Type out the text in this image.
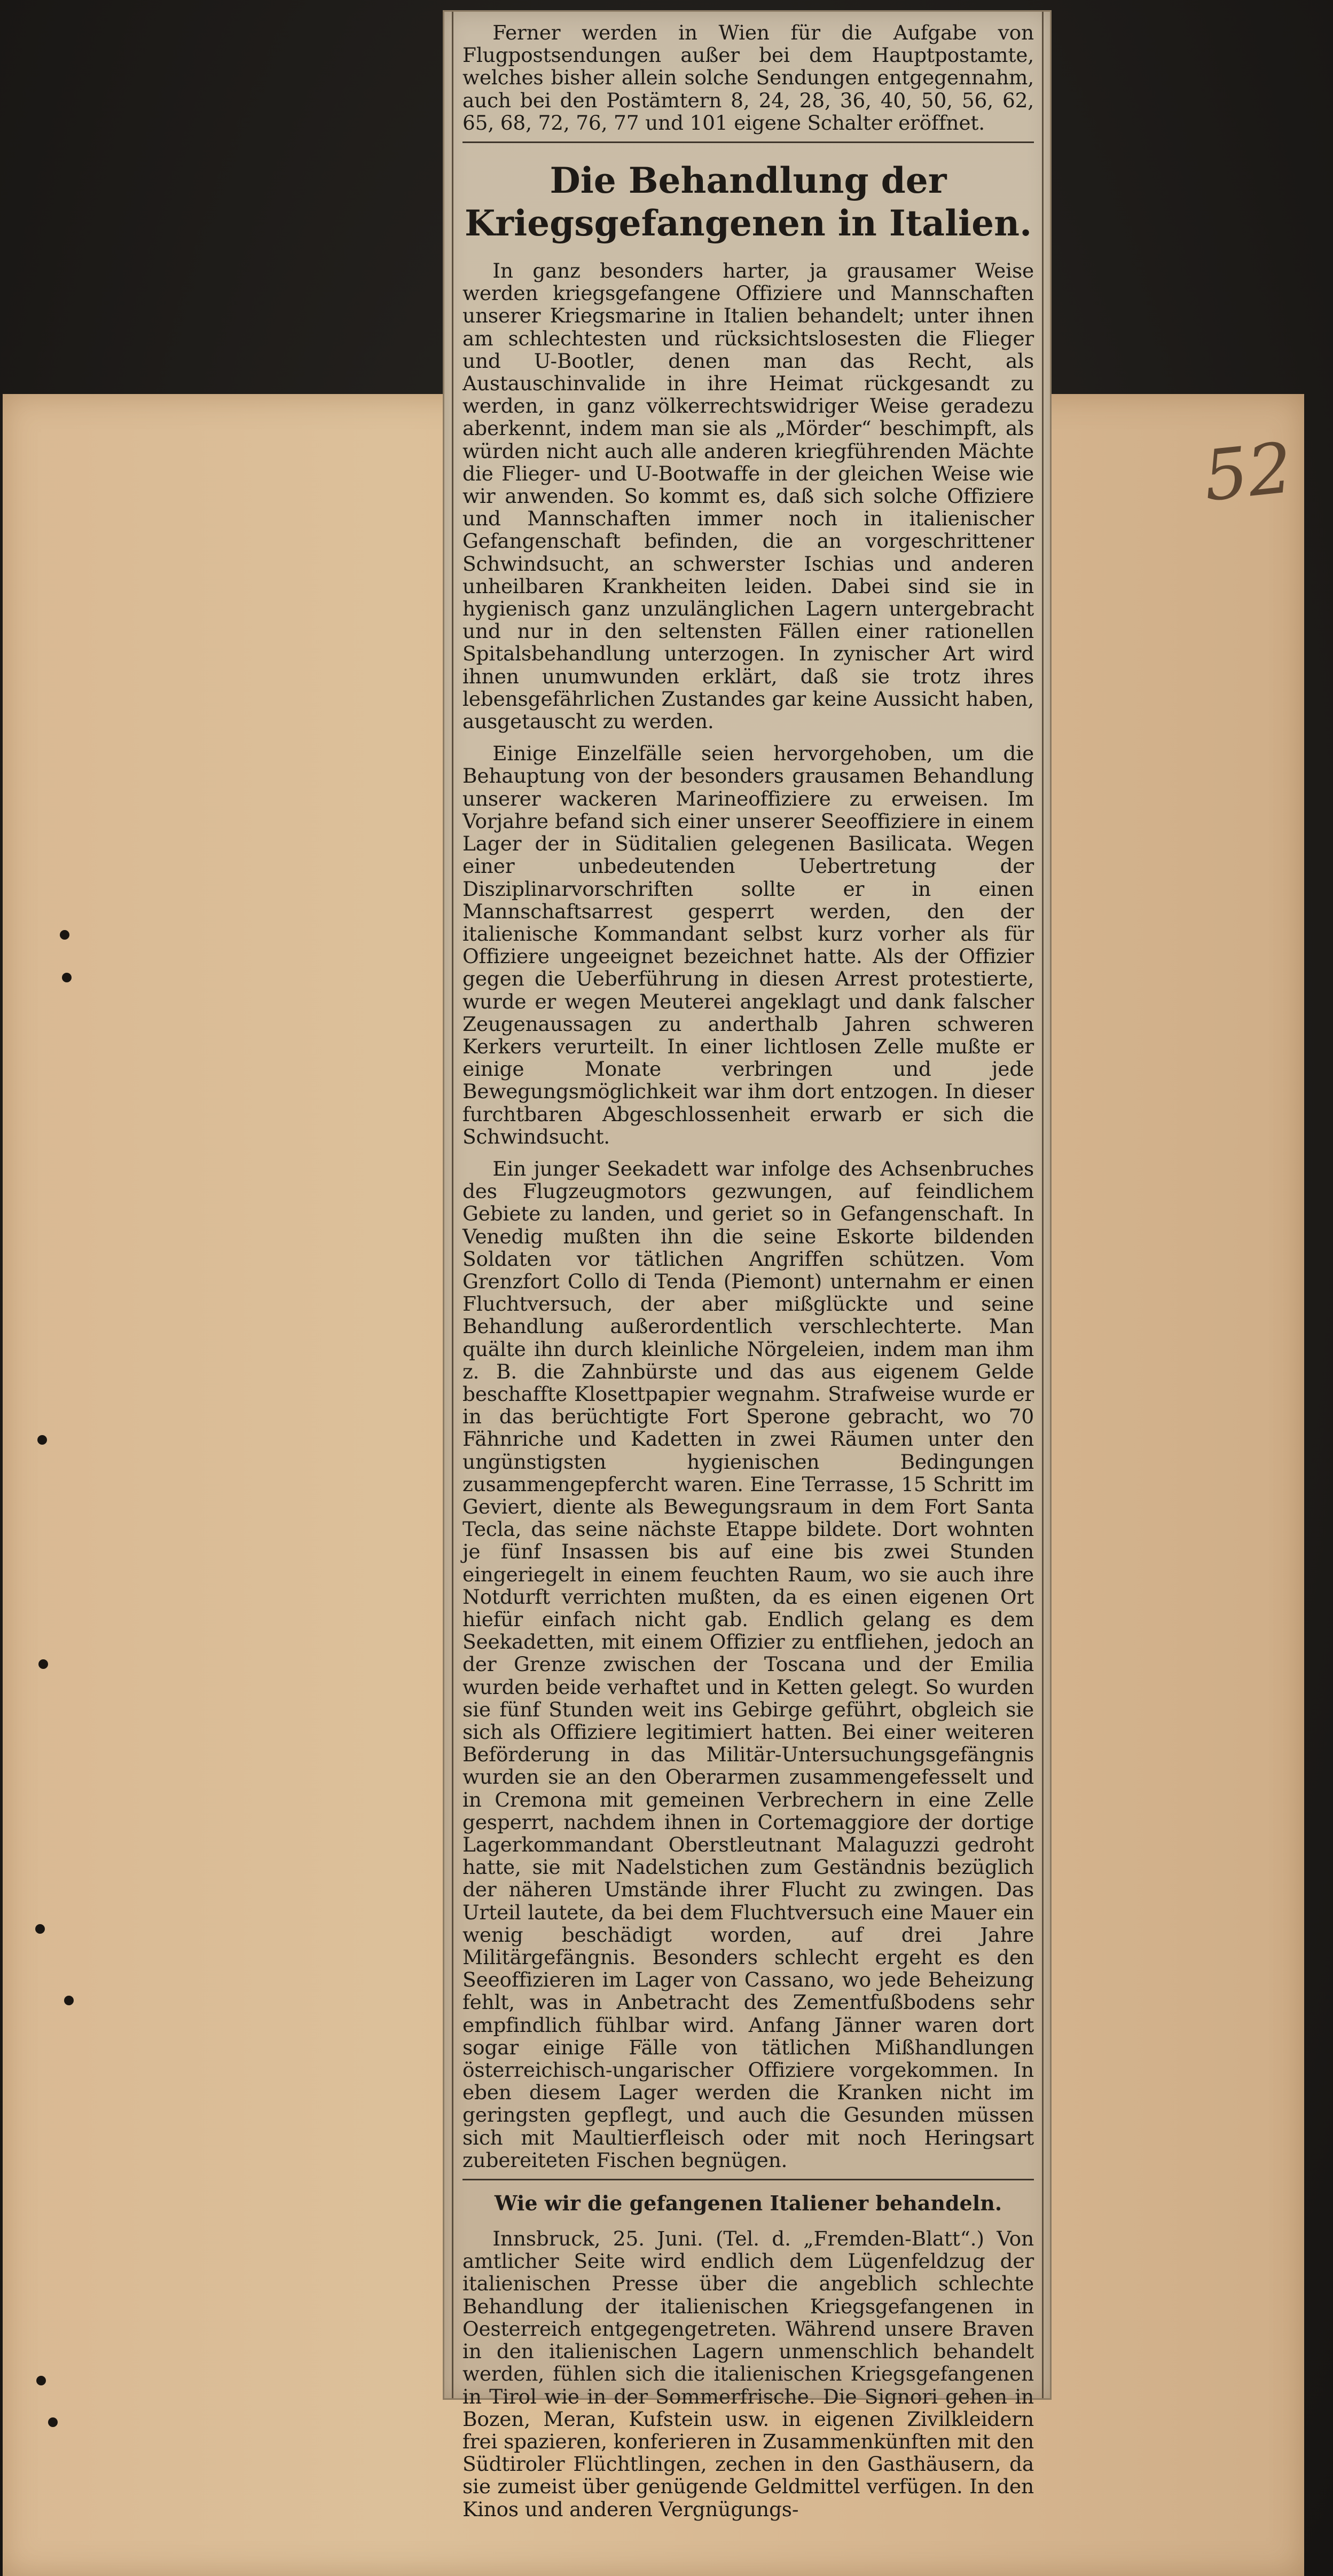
52

Ferner werden in Wien für die Aufgabe von Flugpostsendungen außer bei dem Hauptpostamte, welches bisher allein solche Sendungen entgegennahm, auch bei den Postämtern 8, 24, 28, 36, 40, 50, 56, 62, 65, 68, 72, 76, 77 und 101 eigene Schalter eröffnet.

Die Behandlung der Kriegsgefangenen in Italien.

In ganz besonders harter, ja grausamer Weise werden kriegsgefangene Offiziere und Mannschaften unserer Kriegsmarine in Italien behandelt; unter ihnen am schlechtesten und rücksichtslosesten die Flieger und U-Bootler, denen man das Recht, als Austauschinvalide in ihre Heimat rückgesandt zu werden, in ganz völkerrechtswidriger Weise geradezu aberkennt, indem man sie als „Mörder“ beschimpft, als würden nicht auch alle anderen kriegführenden Mächte die Flieger- und U-Bootwaffe in der gleichen Weise wie wir anwenden. So kommt es, daß sich solche Offiziere und Mannschaften immer noch in italienischer Gefangenschaft befinden, die an vorgeschrittener Schwindsucht, an schwerster Ischias und anderen unheilbaren Krankheiten leiden. Dabei sind sie in hygienisch ganz unzulänglichen Lagern untergebracht und nur in den seltensten Fällen einer rationellen Spitalsbehandlung unterzogen. In zynischer Art wird ihnen unumwunden erklärt, daß sie trotz ihres lebensgefährlichen Zustandes gar keine Aussicht haben, ausgetauscht zu werden.

Einige Einzelfälle seien hervorgehoben, um die Behauptung von der besonders grausamen Behandlung unserer wackeren Marineoffiziere zu erweisen. Im Vorjahre befand sich einer unserer Seeoffiziere in einem Lager der in Süditalien gelegenen Basilicata. Wegen einer unbedeutenden Uebertretung der Disziplinarvorschriften sollte er in einen Mannschaftsarrest gesperrt werden, den der italienische Kommandant selbst kurz vorher als für Offiziere ungeeignet bezeichnet hatte. Als der Offizier gegen die Ueberführung in diesen Arrest protestierte, wurde er wegen Meuterei angeklagt und dank falscher Zeugenaussagen zu anderthalb Jahren schweren Kerkers verurteilt. In einer lichtlosen Zelle mußte er einige Monate verbringen und jede Bewegungsmöglichkeit war ihm dort entzogen. In dieser furchtbaren Abgeschlossenheit erwarb er sich die Schwindsucht.

Ein junger Seekadett war infolge des Achsenbruches des Flugzeugmotors gezwungen, auf feindlichem Gebiete zu landen, und geriet so in Gefangenschaft. In Venedig mußten ihn die seine Eskorte bildenden Soldaten vor tätlichen Angriffen schützen. Vom Grenzfort Collo di Tenda (Piemont) unternahm er einen Fluchtversuch, der aber mißglückte und seine Behandlung außerordentlich verschlechterte. Man quälte ihn durch kleinliche Nörgeleien, indem man ihm z. B. die Zahnbürste und das aus eigenem Gelde beschaffte Klosettpapier wegnahm. Strafweise wurde er in das berüchtigte Fort Sperone gebracht, wo 70 Fähnriche und Kadetten in zwei Räumen unter den ungünstigsten hygienischen Bedingungen zusammengepfercht waren. Eine Terrasse, 15 Schritt im Geviert, diente als Bewegungsraum in dem Fort Santa Tecla, das seine nächste Etappe bildete. Dort wohnten je fünf Insassen bis auf eine bis zwei Stunden eingeriegelt in einem feuchten Raum, wo sie auch ihre Notdurft verrichten mußten, da es einen eigenen Ort hiefür einfach nicht gab. Endlich gelang es dem Seekadetten, mit einem Offizier zu entfliehen, jedoch an der Grenze zwischen der Toscana und der Emilia wurden beide verhaftet und in Ketten gelegt. So wurden sie fünf Stunden weit ins Gebirge geführt, obgleich sie sich als Offiziere legitimiert hatten. Bei einer weiteren Beförderung in das Militär-Untersuchungsgefängnis wurden sie an den Oberarmen zusammengefesselt und in Cremona mit gemeinen Verbrechern in eine Zelle gesperrt, nachdem ihnen in Cortemaggiore der dortige Lagerkommandant Oberstleutnant Malaguzzi gedroht hatte, sie mit Nadelstichen zum Geständnis bezüglich der näheren Umstände ihrer Flucht zu zwingen. Das Urteil lautete, da bei dem Fluchtversuch eine Mauer ein wenig beschädigt worden, auf drei Jahre Militärgefängnis. Besonders schlecht ergeht es den Seeoffizieren im Lager von Cassano, wo jede Beheizung fehlt, was in Anbetracht des Zementfußbodens sehr empfindlich fühlbar wird. Anfang Jänner waren dort sogar einige Fälle von tätlichen Mißhandlungen österreichisch-ungarischer Offiziere vorgekommen. In eben diesem Lager werden die Kranken nicht im geringsten gepflegt, und auch die Gesunden müssen sich mit Maultierfleisch oder mit noch Heringsart zubereiteten Fischen begnügen.

Wie wir die gefangenen Italiener behandeln.

Innsbruck, 25. Juni. (Tel. d. „Fremden-Blatt“.) Von amtlicher Seite wird endlich dem Lügenfeldzug der italienischen Presse über die angeblich schlechte Behandlung der italienischen Kriegsgefangenen in Oesterreich entgegengetreten. Während unsere Braven in den italienischen Lagern unmenschlich behandelt werden, fühlen sich die italienischen Kriegsgefangenen in Tirol wie in der Sommerfrische. Die Signori gehen in Bozen, Meran, Kufstein usw. in eigenen Zivilkleidern frei spazieren, konferieren in Zusammenkünften mit den Südtiroler Flüchtlingen, zechen in den Gasthäusern, da sie zumeist über genügende Geldmittel verfügen. In den Kinos und anderen Vergnügungs-
